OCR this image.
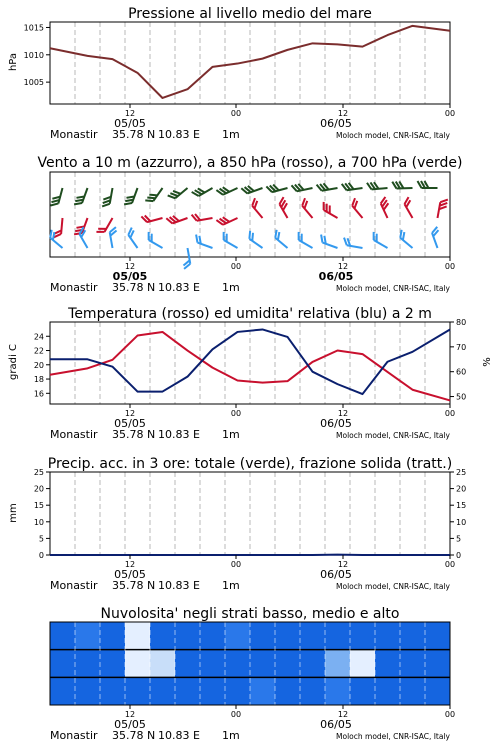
Pressione al livello medio del mare
1005
1010
1015
hPa
12	00	12	00
05/05	06/05
Monastir 35.78 N 10.83 E 1m	Moloch model, CNR-ISAC, Italy
Vento a 10 m (azzurro), a 850 hPa (rosso), a 700 hPa (verde)
12	00	12	00
05/05	06/05
Monastir 35.78 N 10.83 E 1m	Moloch model, CNR-ISAC, Italy
Temperatura (rosso) ed umidita' relativa (blu) a 2 m
16
18
20
22
24
50
60
70
80
gradi C	%
12	00	12	00
05/05	06/05
Monastir 35.78 N 10.83 E 1m	Moloch model, CNR-ISAC, Italy
Precip. acc. in 3 ore: totale (verde), frazione solida (tratt.)
0
5
10
15
20
25
0
5
10
15
20
25
mm
12	00	12	00
05/05	06/05
Monastir 35.78 N 10.83 E 1m	Moloch model, CNR-ISAC, Italy
Nuvolosita' negli strati basso, medio e alto
12	00	12	00
05/05	06/05
Monastir 35.78 N 10.83 E 1m	Moloch model, CNR-ISAC, Italy
